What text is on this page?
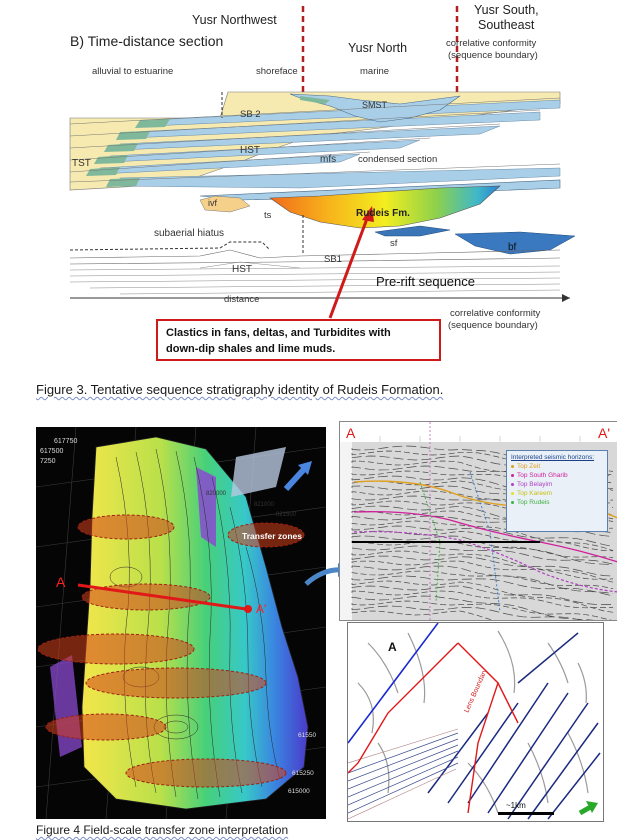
B) Time-distance section
Yusr Northwest
Yusr North
Yusr South,
Southeast
correlative conformity
(sequence boundary)
alluvial to estuarine	shoreface	marine
SMST
SB 2
HST
TST	mfs condensed section
ivf
ts	Rudeis Fm.
sf	bf
subaerial hiatus
HST
SB1
Pre-rift sequence
distance
correlative conformity
(sequence boundary)
Clastics in fans, deltas, and Turbidites with
down-dip shales and lime muds.
Figure 3. Tentative sequence stratigraphy identity of Rudeis Formation.
617750
617500
7250
820000
821000
821500
61550
615250
615000
Transfer zones
A
A'
A	A'
Interpreted seismic horizons:
Top Zeit
Top South Gharib
Top Belayim
Top Kareem
Top Rudeis
A
Lens Boundary
~1km
Figure 4 Field-scale transfer zone interpretation
